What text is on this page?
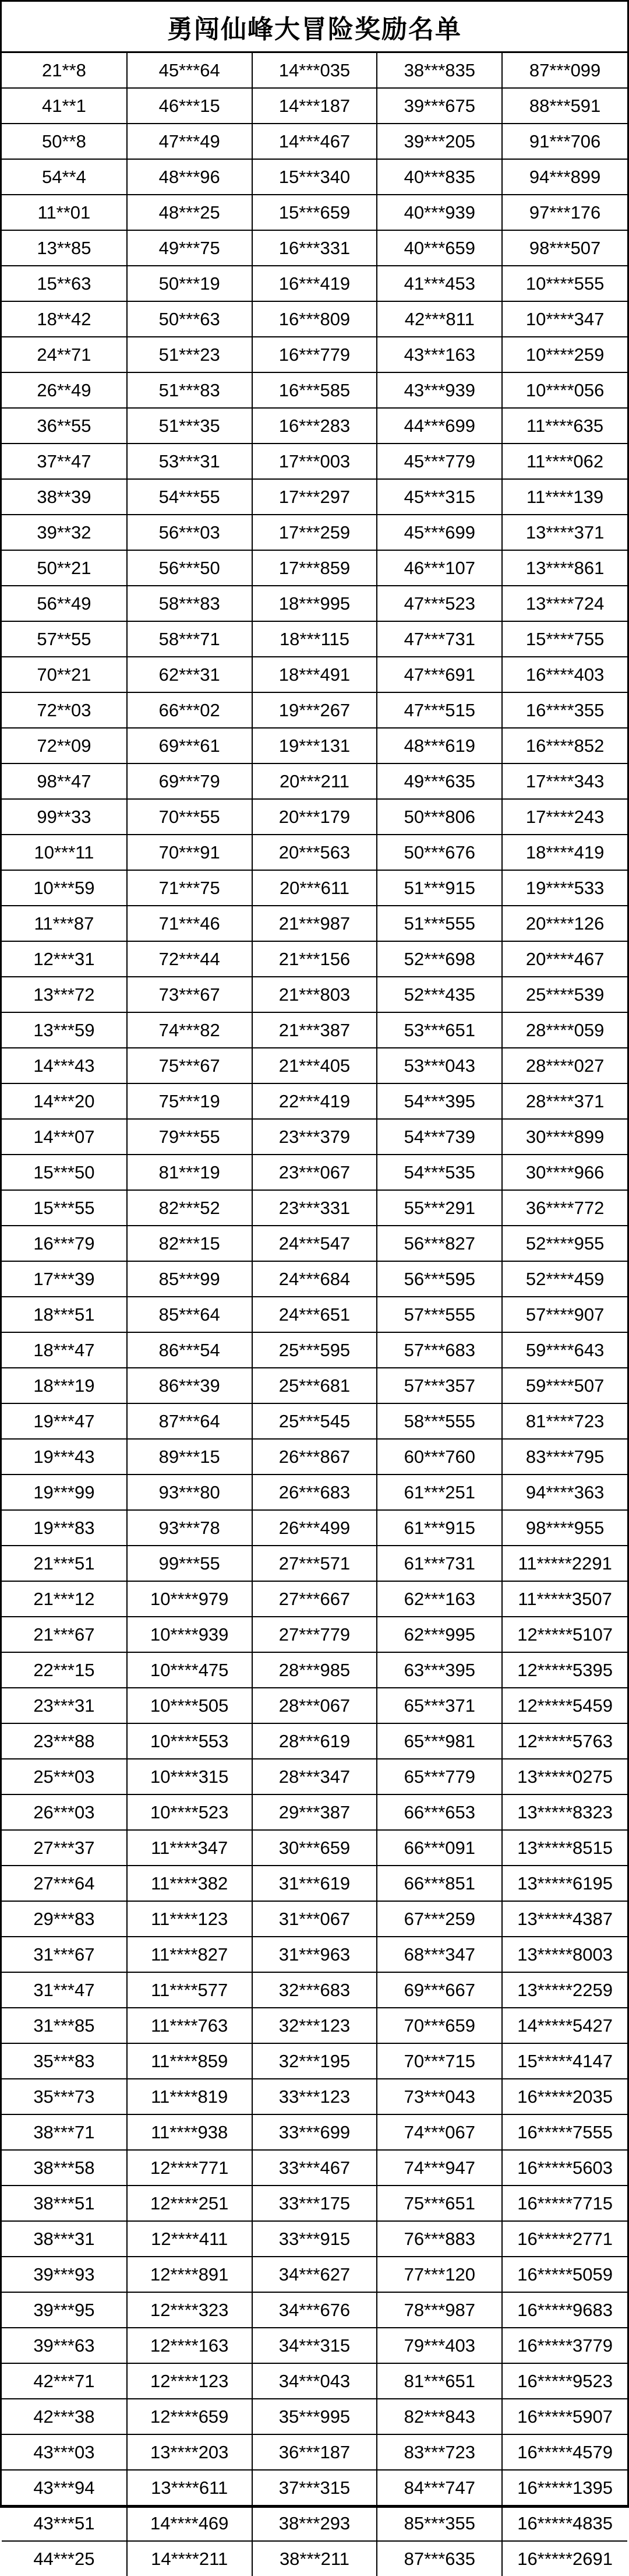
勇闯仙峰大冒险奖励名单
21**8	45***64	14***035	38***835	87***099
41**1	46***15	14***187	39***675	88***591
50**8	47***49	14***467	39***205	91***706
54**4	48***96	15***340	40***835	94***899
11**01	48***25	15***659	40***939	97***176
13**85	49***75	16***331	40***659	98***507
15**63	50***19	16***419	41***453	10****555
18**42	50***63	16***809	42***811	10****347
24**71	51***23	16***779	43***163	10****259
26**49	51***83	16***585	43***939	10****056
36**55	51***35	16***283	44***699	11****635
37**47	53***31	17***003	45***779	11****062
38**39	54***55	17***297	45***315	11****139
39**32	56***03	17***259	45***699	13****371
50**21	56***50	17***859	46***107	13****861
56**49	58***83	18***995	47***523	13****724
57**55	58***71	18***115	47***731	15****755
70**21	62***31	18***491	47***691	16****403
72**03	66***02	19***267	47***515	16****355
72**09	69***61	19***131	48***619	16****852
98**47	69***79	20***211	49***635	17****343
99**33	70***55	20***179	50***806	17****243
10***11	70***91	20***563	50***676	18****419
10***59	71***75	20***611	51***915	19****533
11***87	71***46	21***987	51***555	20****126
12***31	72***44	21***156	52***698	20****467
13***72	73***67	21***803	52***435	25****539
13***59	74***82	21***387	53***651	28****059
14***43	75***67	21***405	53***043	28****027
14***20	75***19	22***419	54***395	28****371
14***07	79***55	23***379	54***739	30****899
15***50	81***19	23***067	54***535	30****966
15***55	82***52	23***331	55***291	36****772
16***79	82***15	24***547	56***827	52****955
17***39	85***99	24***684	56***595	52****459
18***51	85***64	24***651	57***555	57****907
18***47	86***54	25***595	57***683	59****643
18***19	86***39	25***681	57***357	59****507
19***47	87***64	25***545	58***555	81****723
19***43	89***15	26***867	60***760	83****795
19***99	93***80	26***683	61***251	94****363
19***83	93***78	26***499	61***915	98****955
21***51	99***55	27***571	61***731	11*****2291
21***12	10****979	27***667	62***163	11*****3507
21***67	10****939	27***779	62***995	12*****5107
22***15	10****475	28***985	63***395	12*****5395
23***31	10****505	28***067	65***371	12*****5459
23***88	10****553	28***619	65***981	12*****5763
25***03	10****315	28***347	65***779	13*****0275
26***03	10****523	29***387	66***653	13*****8323
27***37	11****347	30***659	66***091	13*****8515
27***64	11****382	31***619	66***851	13*****6195
29***83	11****123	31***067	67***259	13*****4387
31***67	11****827	31***963	68***347	13*****8003
31***47	11****577	32***683	69***667	13*****2259
31***85	11****763	32***123	70***659	14*****5427
35***83	11****859	32***195	70***715	15*****4147
35***73	11****819	33***123	73***043	16*****2035
38***71	11****938	33***699	74***067	16*****7555
38***58	12****771	33***467	74***947	16*****5603
38***51	12****251	33***175	75***651	16*****7715
38***31	12****411	33***915	76***883	16*****2771
39***93	12****891	34***627	77***120	16*****5059
39***95	12****323	34***676	78***987	16*****9683
39***63	12****163	34***315	79***403	16*****3779
42***71	12****123	34***043	81***651	16*****9523
42***38	12****659	35***995	82***843	16*****5907
43***03	13****203	36***187	83***723	16*****4579
43***94	13****611	37***315	84***747	16*****1395
43***51	14****469	38***293	85***355	16*****4835
44***25	14****211	38***211	87***635	16*****2691
